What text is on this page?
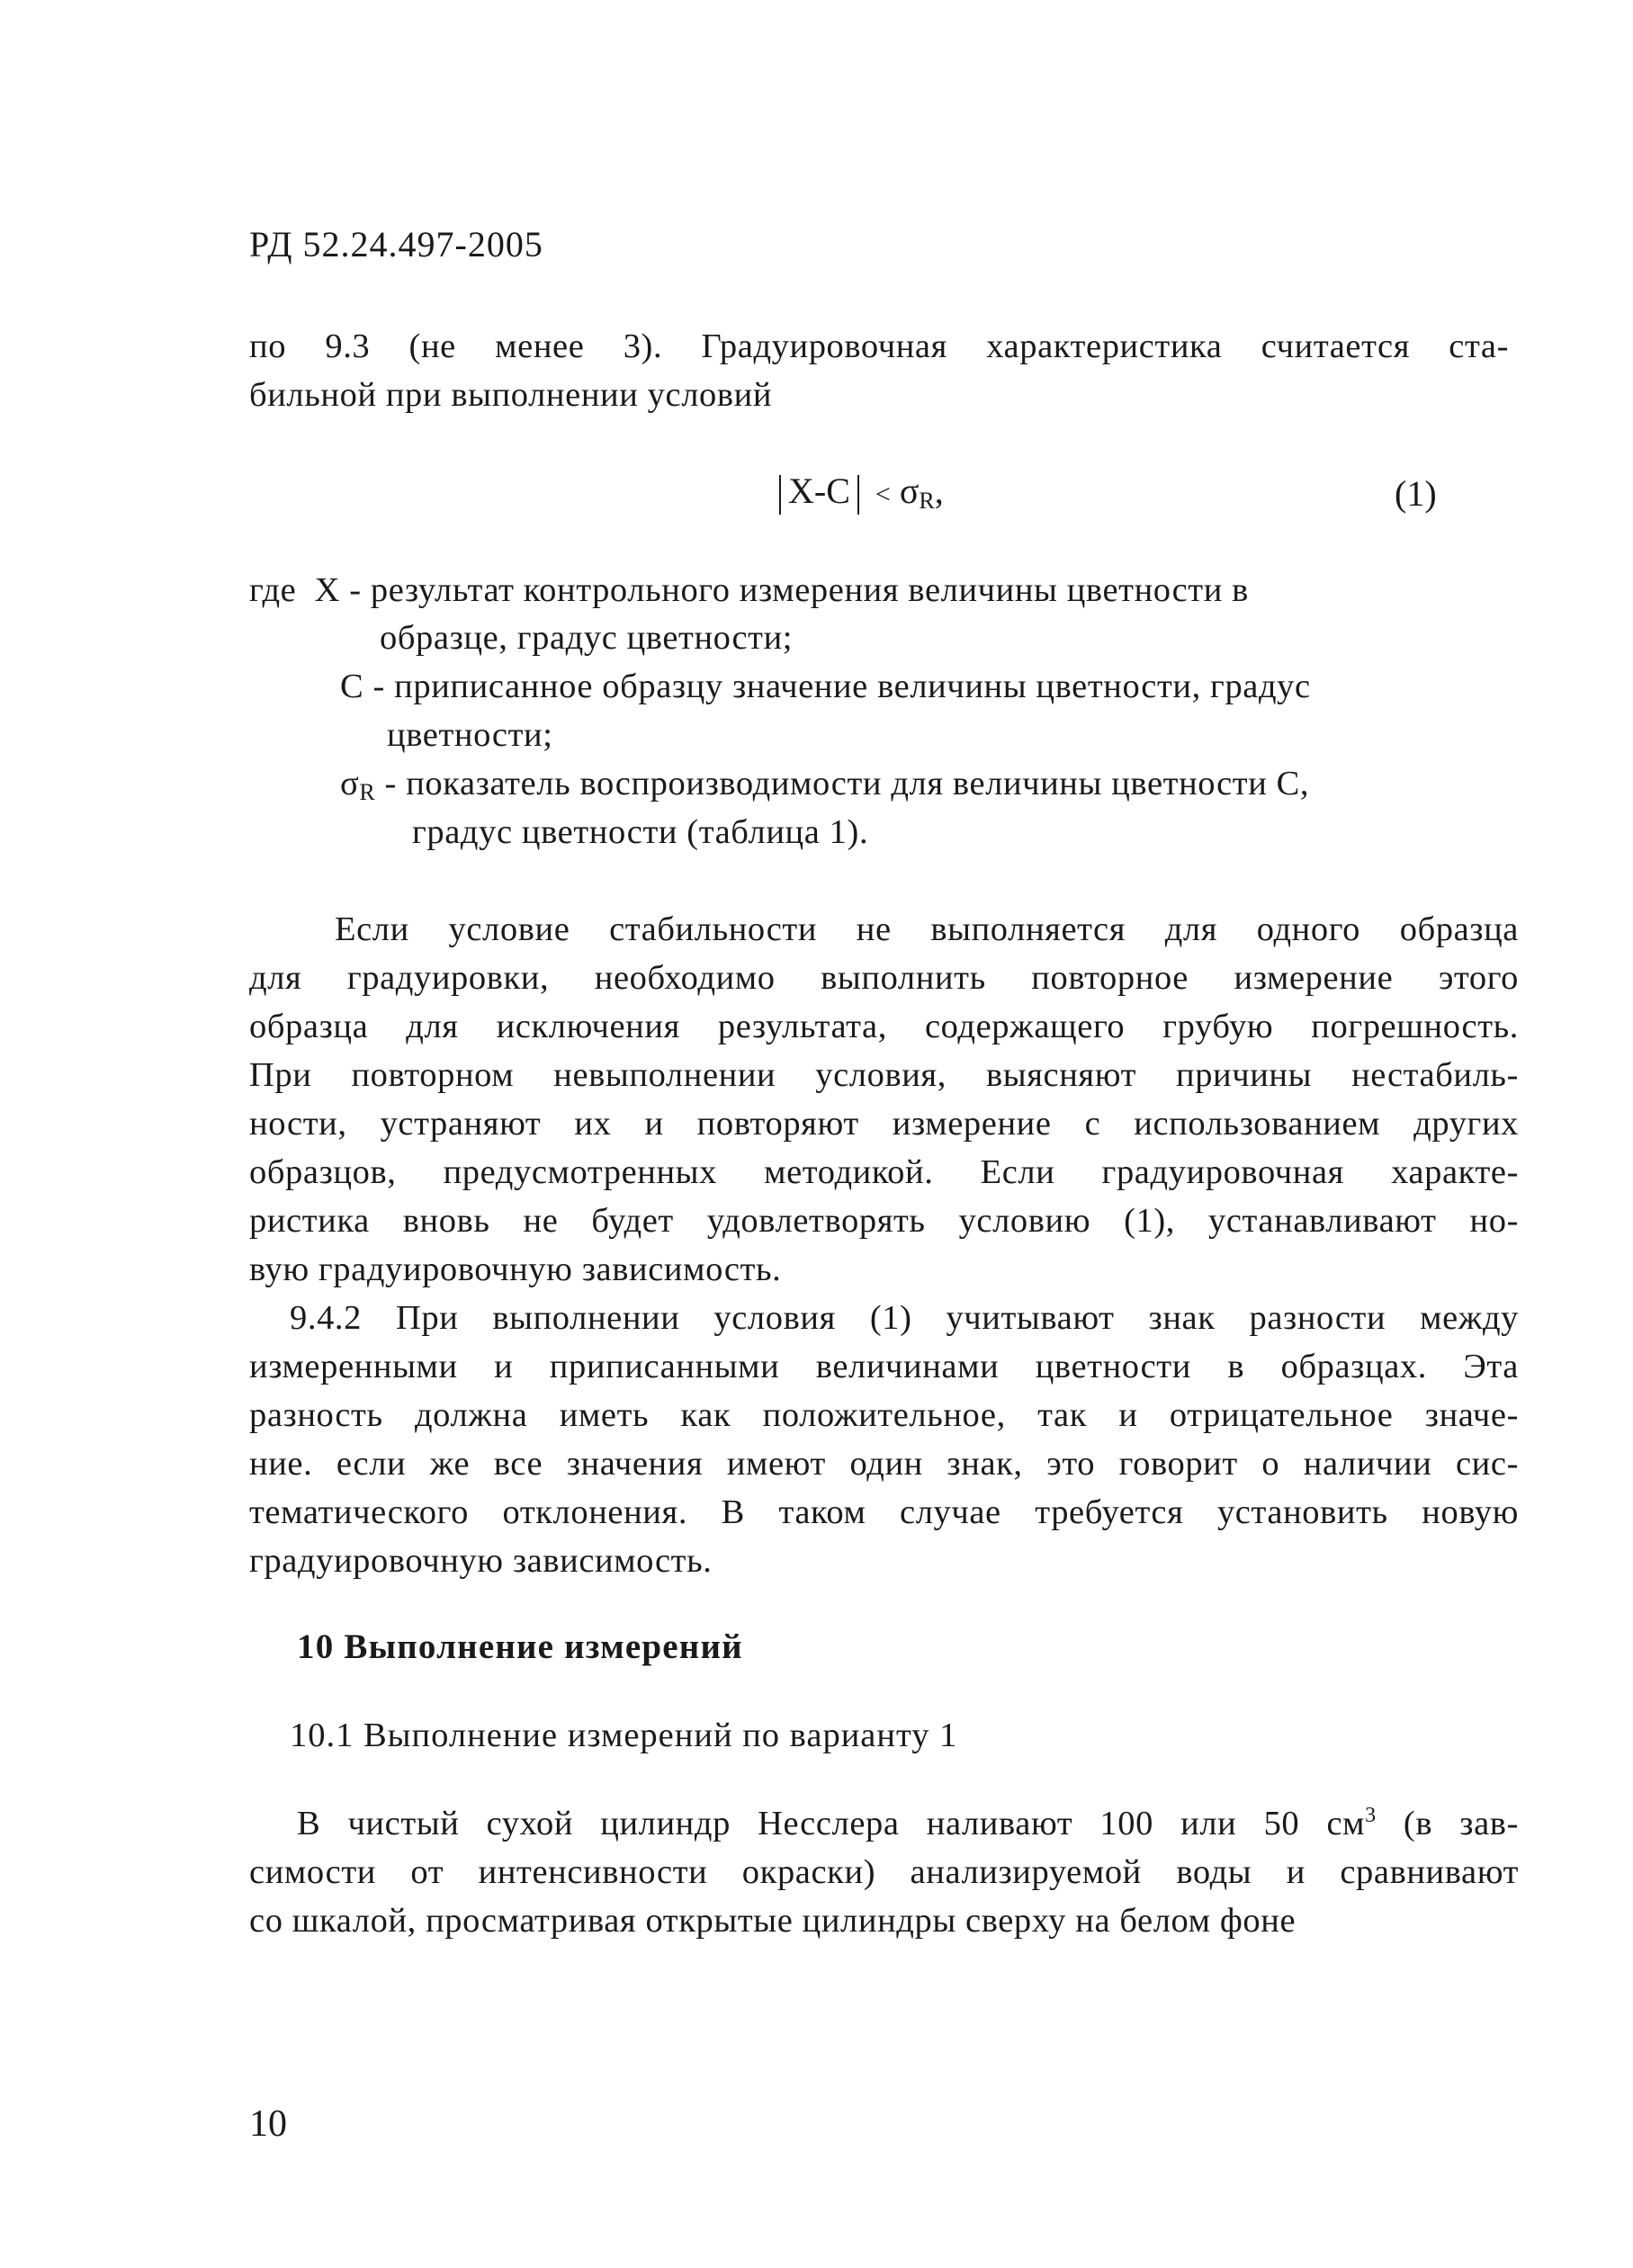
РД 52.24.497-2005
по 9.3 (не менее 3). Градуировочная характеристика считается ста-
бильной при выполнении условий
X-C < σR,	(1)
где X - результат контрольного измерения величины цветности в
образце, градус цветности;
C - приписанное образцу значение величины цветности, градус
цветности;
σR - показатель воспроизводимости для величины цветности С,
градус цветности (таблица 1).
Если условие стабильности не выполняется для одного образца
для градуировки, необходимо выполнить повторное измерение этого
образца для исключения результата, содержащего грубую погрешность.
При повторном невыполнении условия, выясняют причины нестабиль-
ности, устраняют их и повторяют измерение с использованием других
образцов, предусмотренных методикой. Если градуировочная характе-
ристика вновь не будет удовлетворять условию (1), устанавливают но-
вую градуировочную зависимость.
9.4.2 При выполнении условия (1) учитывают знак разности между
измеренными и приписанными величинами цветности в образцах. Эта
разность должна иметь как положительное, так и отрицательное значе-
ние. если же все значения имеют один знак, это говорит о наличии сис-
тематического отклонения. В таком случае требуется установить новую
градуировочную зависимость.
10 Выполнение измерений
10.1 Выполнение измерений по варианту 1
В чистый сухой цилиндр Несслера наливают 100 или 50 $см^3$ (в зав-
симости от интенсивности окраски) анализируемой воды и сравнивают
со шкалой, просматривая открытые цилиндры сверху на белом фоне
10
